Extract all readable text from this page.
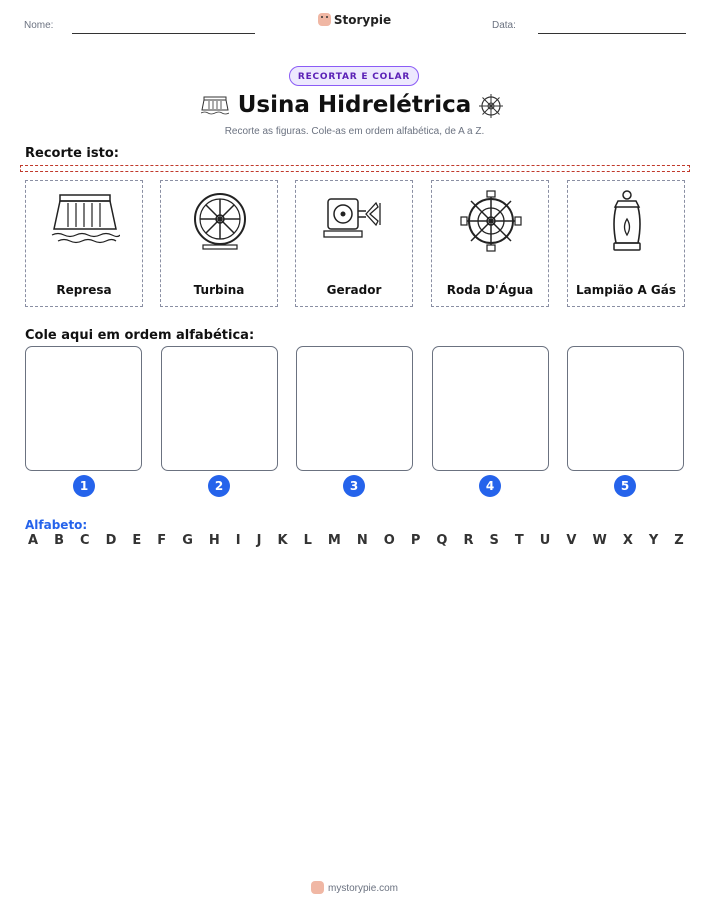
Nome:	Storypie	Data:
RECORTAR E COLAR
Usina Hidrelétrica
Recorte as figuras. Cole-as em ordem alfabética, de A a Z.
Recorte isto:
Represa	Turbina	Gerador	Roda D'Água	Lampião A Gás
Cole aqui em ordem alfabética:
1	2	3	4	5
Alfabeto:
A B C D E F G H I J K L M N O P Q R S T U V W X Y Z
mystorypie.com
